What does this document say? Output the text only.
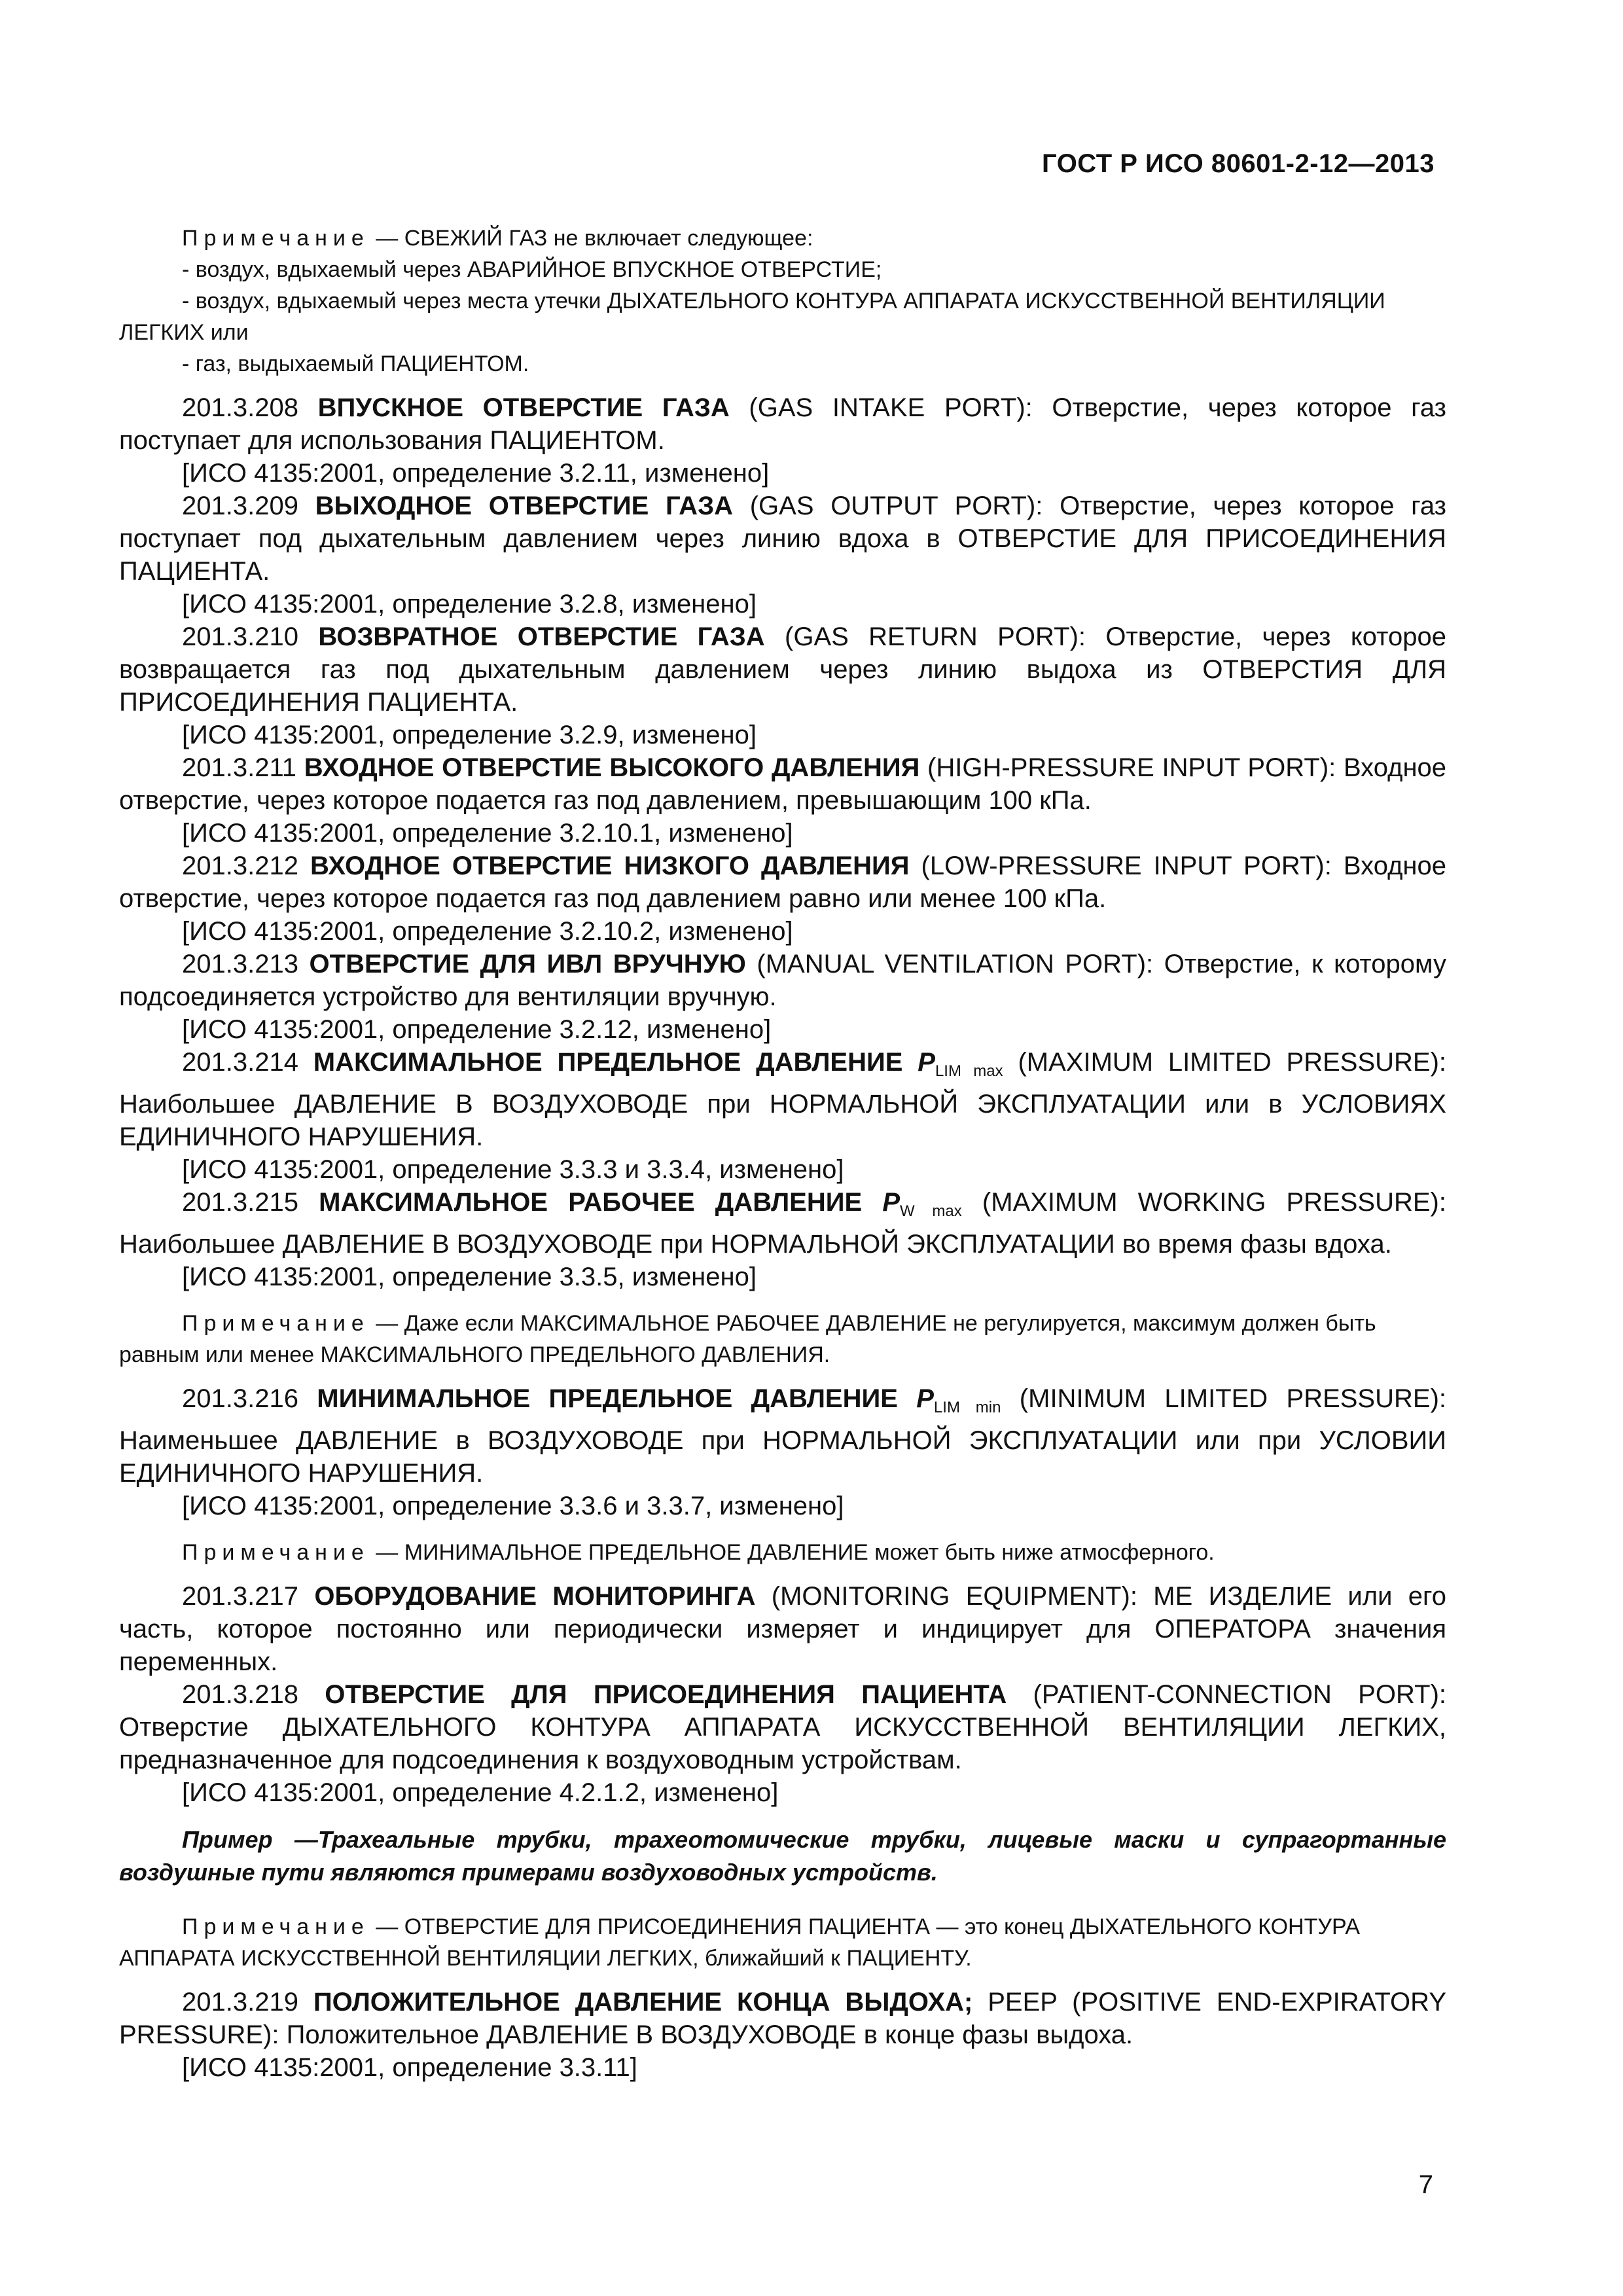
ГОСТ Р ИСО 80601-2-12—2013
Примечание — СВЕЖИЙ ГАЗ не включает следующее:
- воздух, вдыхаемый через АВАРИЙНОЕ ВПУСКНОЕ ОТВЕРСТИЕ;
- воздух, вдыхаемый через места утечки ДЫХАТЕЛЬНОГО КОНТУРА АППАРАТА ИСКУССТВЕННОЙ ВЕНТИЛЯЦИИ ЛЕГКИХ или
- газ, выдыхаемый ПАЦИЕНТОМ.
201.3.208 ВПУСКНОЕ ОТВЕРСТИЕ ГАЗА (GAS INTAKE PORT): Отверстие, через которое газ поступает для использования ПАЦИЕНТОМ.
[ИСО 4135:2001, определение 3.2.11, изменено]
201.3.209 ВЫХОДНОЕ ОТВЕРСТИЕ ГАЗА (GAS OUTPUT PORT): Отверстие, через которое газ поступает под дыхательным давлением через линию вдоха в ОТВЕРСТИЕ ДЛЯ ПРИСОЕДИНЕНИЯ ПАЦИЕНТА.
[ИСО 4135:2001, определение 3.2.8, изменено]
201.3.210 ВОЗВРАТНОЕ ОТВЕРСТИЕ ГАЗА (GAS RETURN PORT): Отверстие, через которое возвращается газ под дыхательным давлением через линию выдоха из ОТВЕРСТИЯ ДЛЯ ПРИСОЕДИНЕНИЯ ПАЦИЕНТА.
[ИСО 4135:2001, определение 3.2.9, изменено]
201.3.211 ВХОДНОЕ ОТВЕРСТИЕ ВЫСОКОГО ДАВЛЕНИЯ (HIGH-PRESSURE INPUT PORT): Входное отверстие, через которое подается газ под давлением, превышающим 100 кПа.
[ИСО 4135:2001, определение 3.2.10.1, изменено]
201.3.212 ВХОДНОЕ ОТВЕРСТИЕ НИЗКОГО ДАВЛЕНИЯ (LOW-PRESSURE INPUT PORT): Входное отверстие, через которое подается газ под давлением равно или менее 100 кПа.
[ИСО 4135:2001, определение 3.2.10.2, изменено]
201.3.213 ОТВЕРСТИЕ ДЛЯ ИВЛ ВРУЧНУЮ (MANUAL VENTILATION PORT): Отверстие, к которому подсоединяется устройство для вентиляции вручную.
[ИСО 4135:2001, определение 3.2.12, изменено]
201.3.214 МАКСИМАЛЬНОЕ ПРЕДЕЛЬНОЕ ДАВЛЕНИЕ $P_{LIM max}$ (MAXIMUM LIMITED PRESSURE): Наибольшее ДАВЛЕНИЕ В ВОЗДУХОВОДЕ при НОРМАЛЬНОЙ ЭКСПЛУАТАЦИИ или в УСЛОВИЯХ ЕДИНИЧНОГО НАРУШЕНИЯ.
[ИСО 4135:2001, определение 3.3.3 и 3.3.4, изменено]
201.3.215 МАКСИМАЛЬНОЕ РАБОЧЕЕ ДАВЛЕНИЕ $P_{W max}$ (MAXIMUM WORKING PRESSURE): Наибольшее ДАВЛЕНИЕ В ВОЗДУХОВОДЕ при НОРМАЛЬНОЙ ЭКСПЛУАТАЦИИ во время фазы вдоха.
[ИСО 4135:2001, определение 3.3.5, изменено]
Примечание — Даже если МАКСИМАЛЬНОЕ РАБОЧЕЕ ДАВЛЕНИЕ не регулируется, максимум должен быть равным или менее МАКСИМАЛЬНОГО ПРЕДЕЛЬНОГО ДАВЛЕНИЯ.
201.3.216 МИНИМАЛЬНОЕ ПРЕДЕЛЬНОЕ ДАВЛЕНИЕ $P_{LIM min}$ (MINIMUM LIMITED PRESSURE): Наименьшее ДАВЛЕНИЕ в ВОЗДУХОВОДЕ при НОРМАЛЬНОЙ ЭКСПЛУАТАЦИИ или при УСЛОВИИ ЕДИНИЧНОГО НАРУШЕНИЯ.
[ИСО 4135:2001, определение 3.3.6 и 3.3.7, изменено]
Примечание — МИНИМАЛЬНОЕ ПРЕДЕЛЬНОЕ ДАВЛЕНИЕ может быть ниже атмосферного.
201.3.217 ОБОРУДОВАНИЕ МОНИТОРИНГА (MONITORING EQUIPMENT): ME ИЗДЕЛИЕ или его часть, которое постоянно или периодически измеряет и индицирует для ОПЕРАТОРА значения переменных.
201.3.218 ОТВЕРСТИЕ ДЛЯ ПРИСОЕДИНЕНИЯ ПАЦИЕНТА (PATIENT-CONNECTION PORT): Отверстие ДЫХАТЕЛЬНОГО КОНТУРА АППАРАТА ИСКУССТВЕННОЙ ВЕНТИЛЯЦИИ ЛЕГКИХ, предназначенное для подсоединения к воздуховодным устройствам.
[ИСО 4135:2001, определение 4.2.1.2, изменено]
Пример —Трахеальные трубки, трахеотомические трубки, лицевые маски и супрагортанные воздушные пути являются примерами воздуховодных устройств.
Примечание — ОТВЕРСТИЕ ДЛЯ ПРИСОЕДИНЕНИЯ ПАЦИЕНТА — это конец ДЫХАТЕЛЬНОГО КОНТУРА АППАРАТА ИСКУССТВЕННОЙ ВЕНТИЛЯЦИИ ЛЕГКИХ, ближайший к ПАЦИЕНТУ.
201.3.219 ПОЛОЖИТЕЛЬНОЕ ДАВЛЕНИЕ КОНЦА ВЫДОХА; PEEP (POSITIVE END-EXPIRATORY PRESSURE): Положительное ДАВЛЕНИЕ В ВОЗДУХОВОДЕ в конце фазы выдоха.
[ИСО 4135:2001, определение 3.3.11]
7
